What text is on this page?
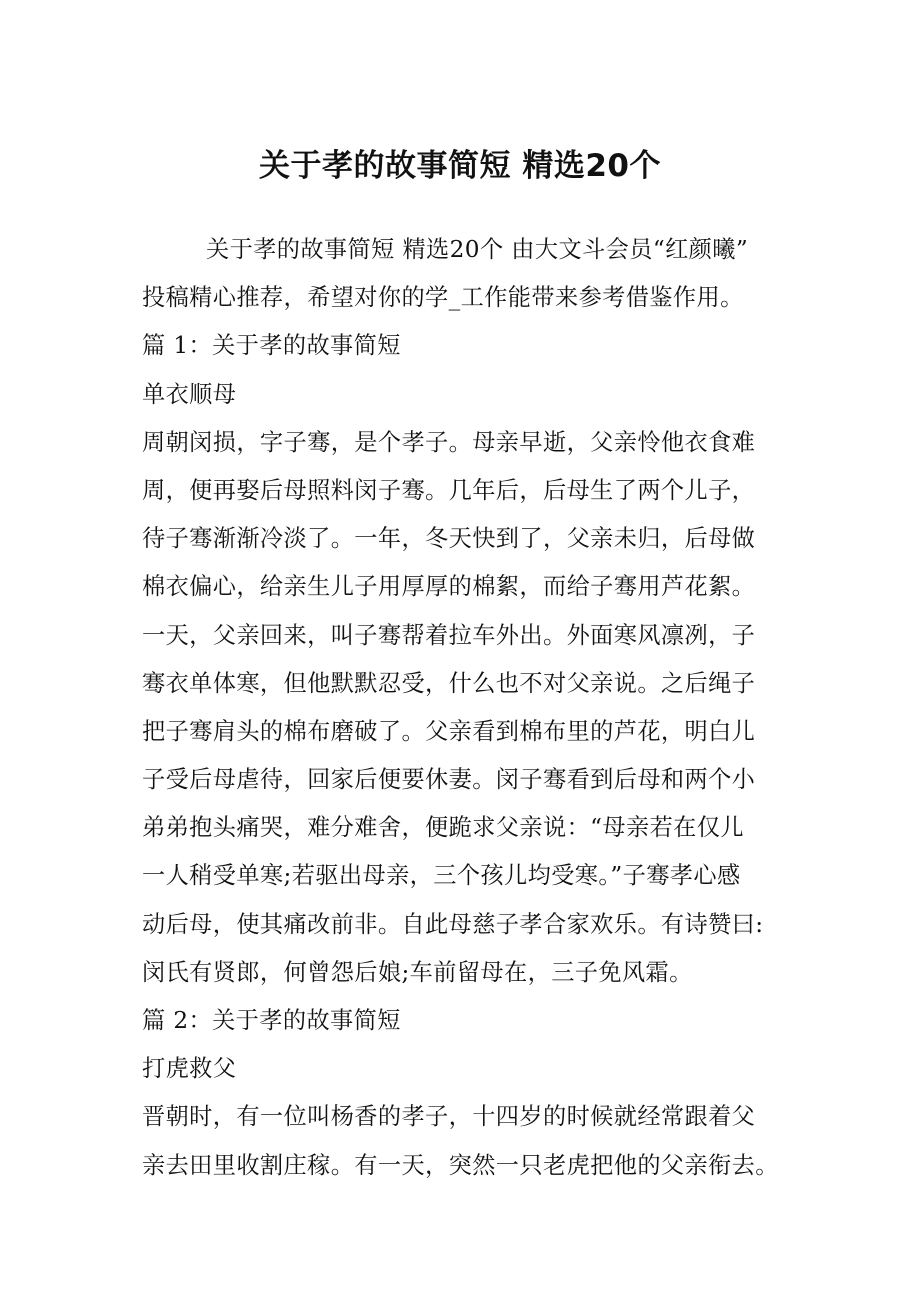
关于孝的故事简短 精选20个
关于孝的故事简短 精选20个 由大文斗会员“红颜曦”
投稿精心推荐，希望对你的学_工作能带来参考借鉴作用。
篇 1：关于孝的故事简短
单衣顺母
周朝闵损，字子骞，是个孝子。母亲早逝，父亲怜他衣食难
周，便再娶后母照料闵子骞。几年后，后母生了两个儿子，
待子骞渐渐冷淡了。一年，冬天快到了，父亲未归，后母做
棉衣偏心，给亲生儿子用厚厚的棉絮，而给子骞用芦花絮。
一天，父亲回来，叫子骞帮着拉车外出。外面寒风凛冽，子
骞衣单体寒，但他默默忍受，什么也不对父亲说。之后绳子
把子骞肩头的棉布磨破了。父亲看到棉布里的芦花，明白儿
子受后母虐待，回家后便要休妻。闵子骞看到后母和两个小
弟弟抱头痛哭，难分难舍，便跪求父亲说：“母亲若在仅儿
一人稍受单寒;若驱出母亲，三个孩儿均受寒。”子骞孝心感
动后母，使其痛改前非。自此母慈子孝合家欢乐。有诗赞曰:
闵氏有贤郎，何曾怨后娘;车前留母在，三子免风霜。
篇 2：关于孝的故事简短
打虎救父
晋朝时，有一位叫杨香的孝子，十四岁的时候就经常跟着父
亲去田里收割庄稼。有一天，突然一只老虎把他的父亲衔去。
